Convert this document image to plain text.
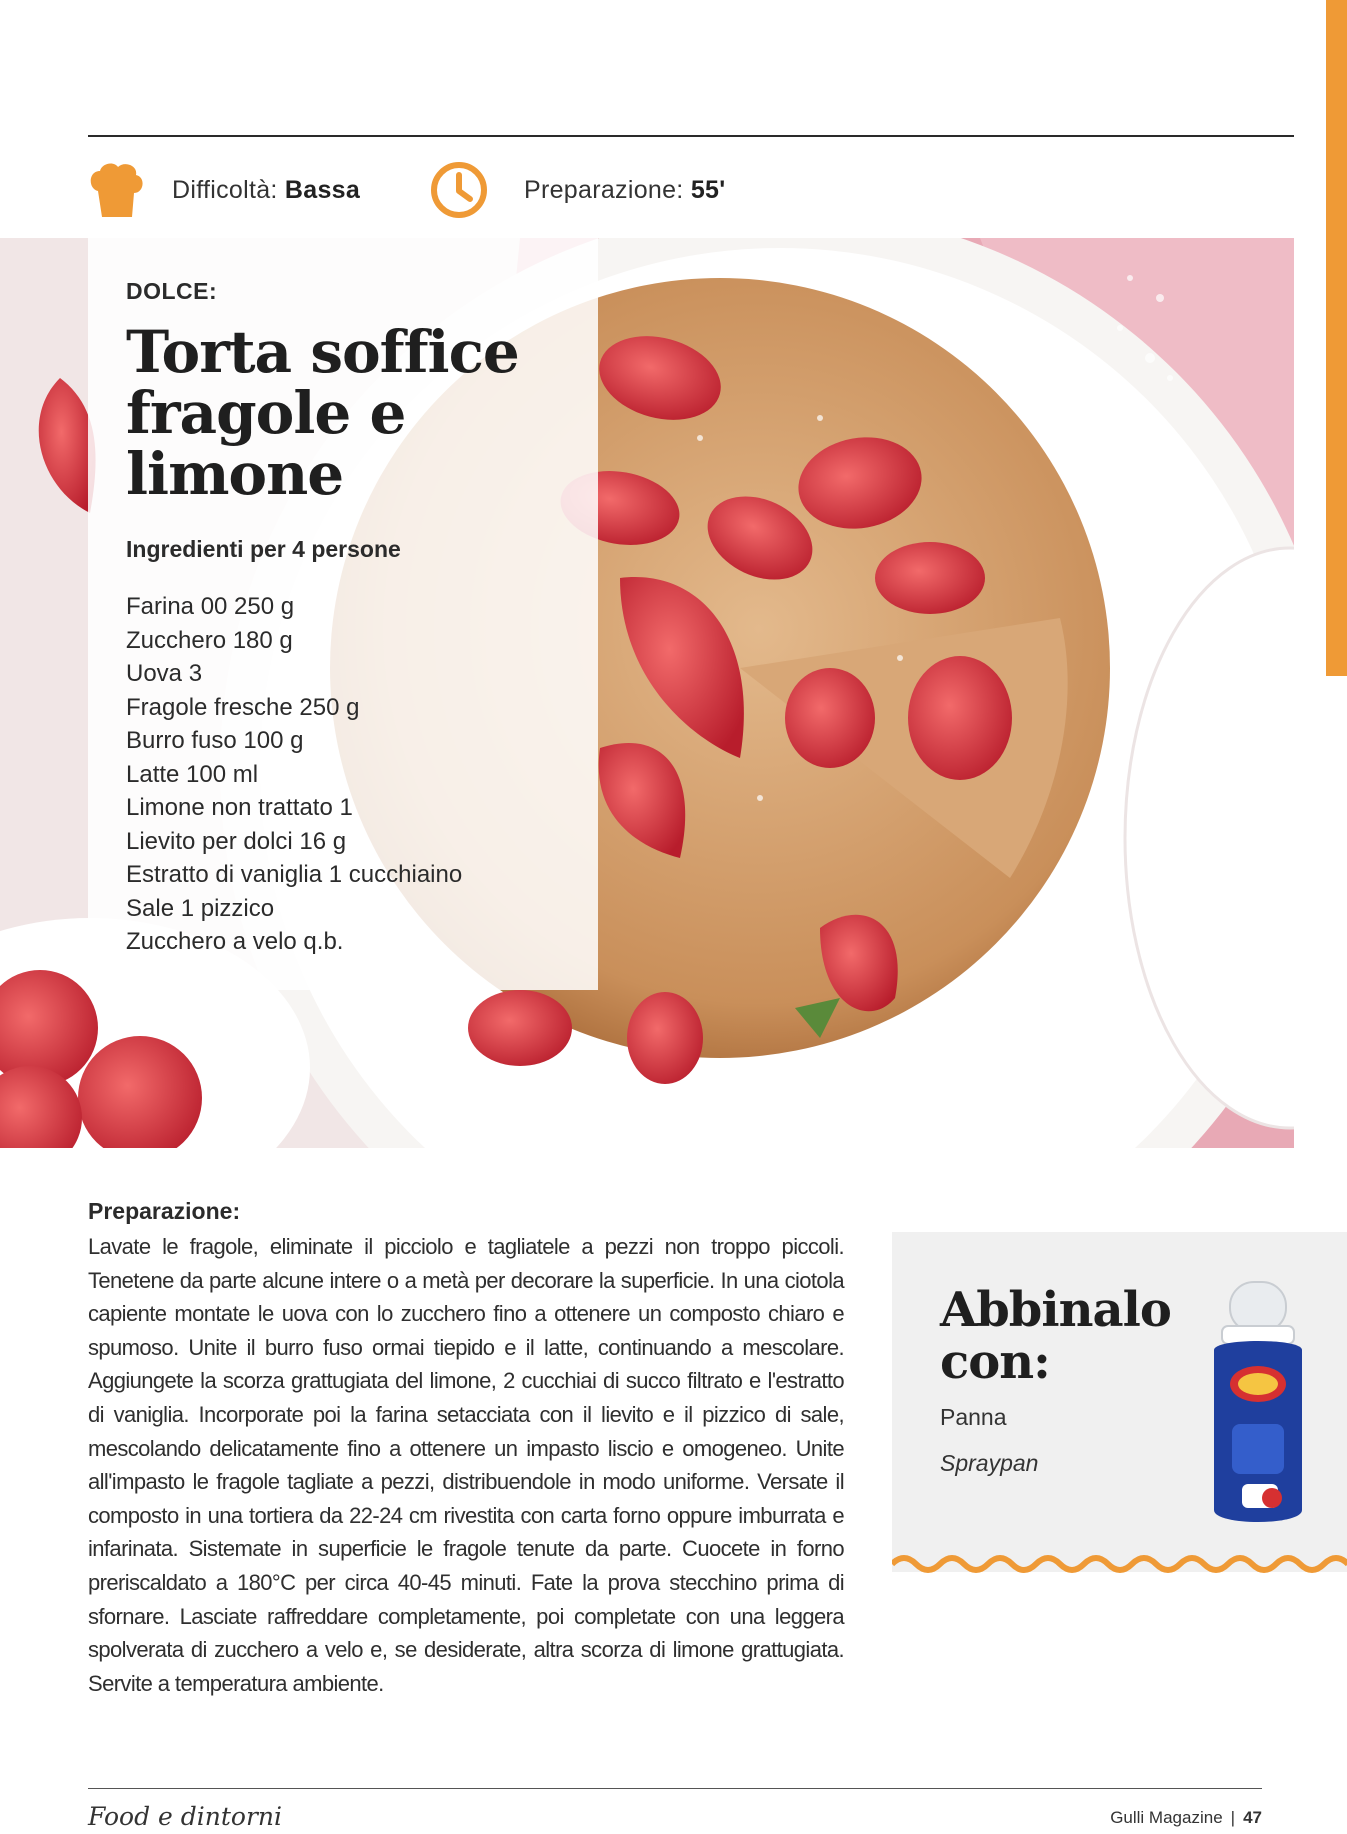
Difficoltà: Bassa	Preparazione: 55'
DOLCE:
Torta soffice
fragole e
limone
Ingredienti per 4 persone
Farina 00 250 g
Zucchero 180 g
Uova 3
Fragole fresche 250 g
Burro fuso 100 g
Latte 100 ml
Limone non trattato 1
Lievito per dolci 16 g
Estratto di vaniglia 1 cucchiaino
Sale 1 pizzico
Zucchero a velo q.b.
Preparazione:

Lavate le fragole, eliminate il picciolo e tagliatele a pezzi non troppo piccoli. Tenetene da parte alcune intere o a metà per decorare la superficie. In una ciotola capiente montate le uova con lo zucchero fino a ottenere un composto chiaro e spumoso. Unite il burro fuso ormai tiepido e il latte, continuando a mescolare. Aggiungete la scorza grattugiata del limone, 2 cucchiai di succo filtrato e l'estratto di vaniglia. Incorporate poi la farina setacciata con il lievito e il pizzico di sale, mescolando delicatamente fino a ottenere un impasto liscio e omogeneo. Unite all'impasto le fragole tagliate a pezzi, distribuendole in modo uniforme. Versate il composto in una tortiera da 22-24 cm rivestita con carta forno oppure imburrata e infarinata. Sistemate in superficie le fragole tenute da parte. Cuocete in forno preriscaldato a 180°C per circa 40-45 minuti. Fate la prova stecchino prima di sfornare. Lasciate raffreddare completamente, poi completate con una leggera spolverata di zucchero a velo e, se desiderate, altra scorza di limone grattugiata. Servite a temperatura ambiente.

Abbinalo
con:
Panna
Spraypan
Food e dintorni	Gulli Magazine | 47
